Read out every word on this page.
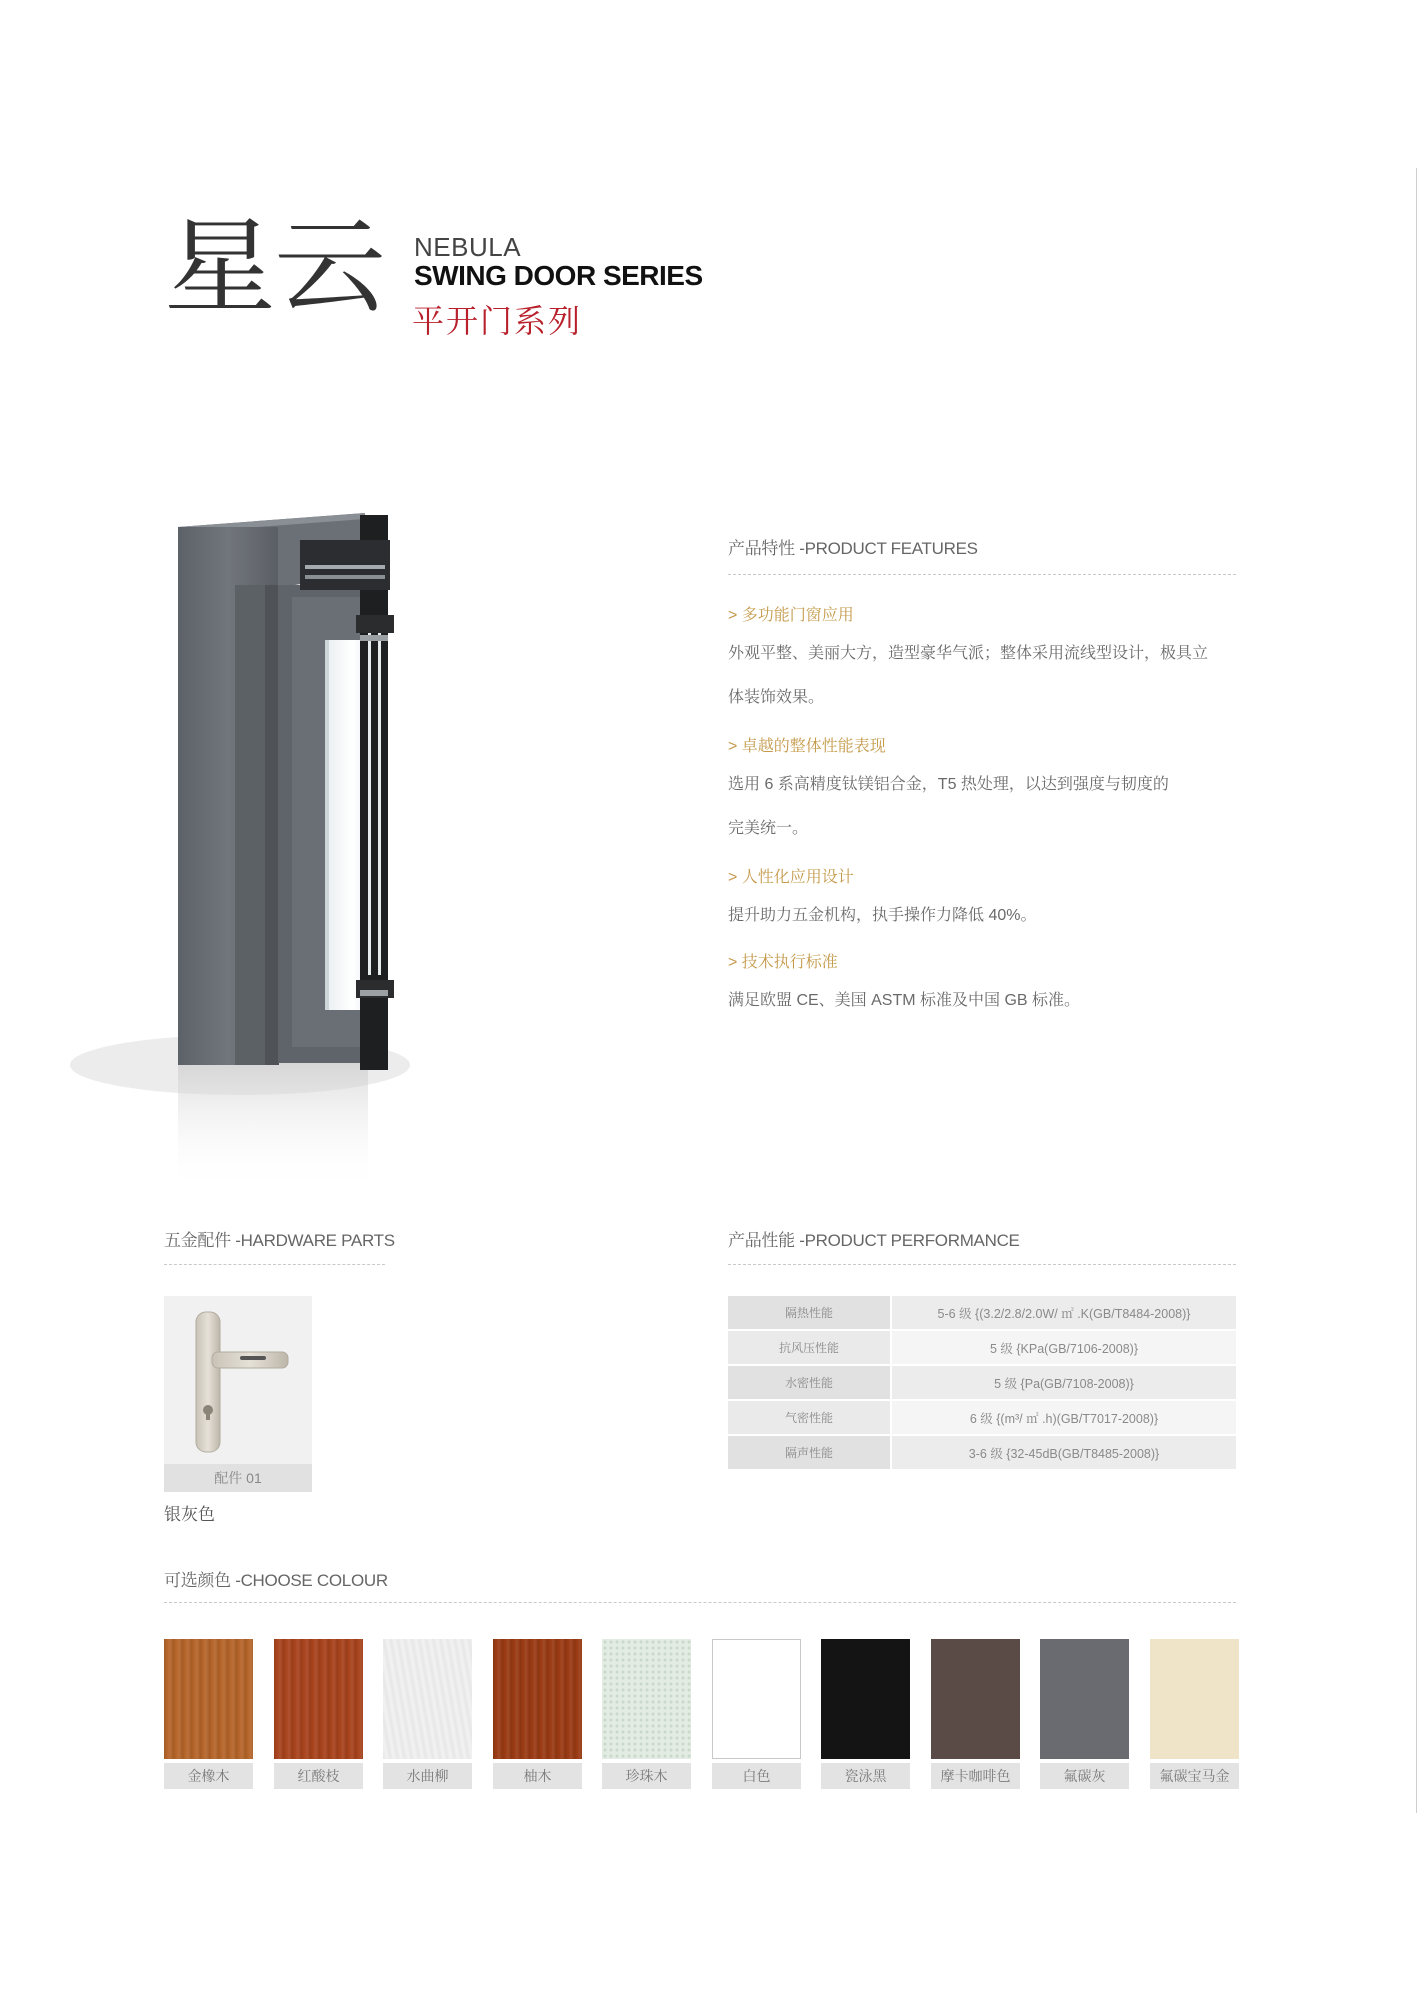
星云 NEBULA
SWING DOOR SERIES
平开门系列
产品特性 -PRODUCT FEATURES
> 多功能门窗应用
外观平整、美丽大方，造型豪华气派；整体采用流线型设计，极具立
体装饰效果。
> 卓越的整体性能表现
选用 6 系高精度钛镁铝合金，T5 热处理，以达到强度与韧度的
完美统一。
> 人性化应用设计
提升助力五金机构，执手操作力降低 40%。
> 技术执行标准
满足欧盟 CE、美国 ASTM 标准及中国 GB 标准。
五金配件 -HARDWARE PARTS
配件 01
银灰色
产品性能 -PRODUCT PERFORMANCE
隔热性能	5-6 级 {(3.2/2.8/2.0W/ ㎡ .K(GB/T8484-2008)}
抗风压性能	5 级 {KPa(GB/7106-2008)}
水密性能	5 级 {Pa(GB/7108-2008)}
气密性能	6 级 {(m³/ ㎡ .h)(GB/T7017-2008)}
隔声性能	3-6 级 {32-45dB(GB/T8485-2008)}
可选颜色 -CHOOSE COLOUR
金橡木	红酸枝	水曲柳	柚木	珍珠木	白色	瓷泳黑	摩卡咖啡色	氟碳灰	氟碳宝马金
